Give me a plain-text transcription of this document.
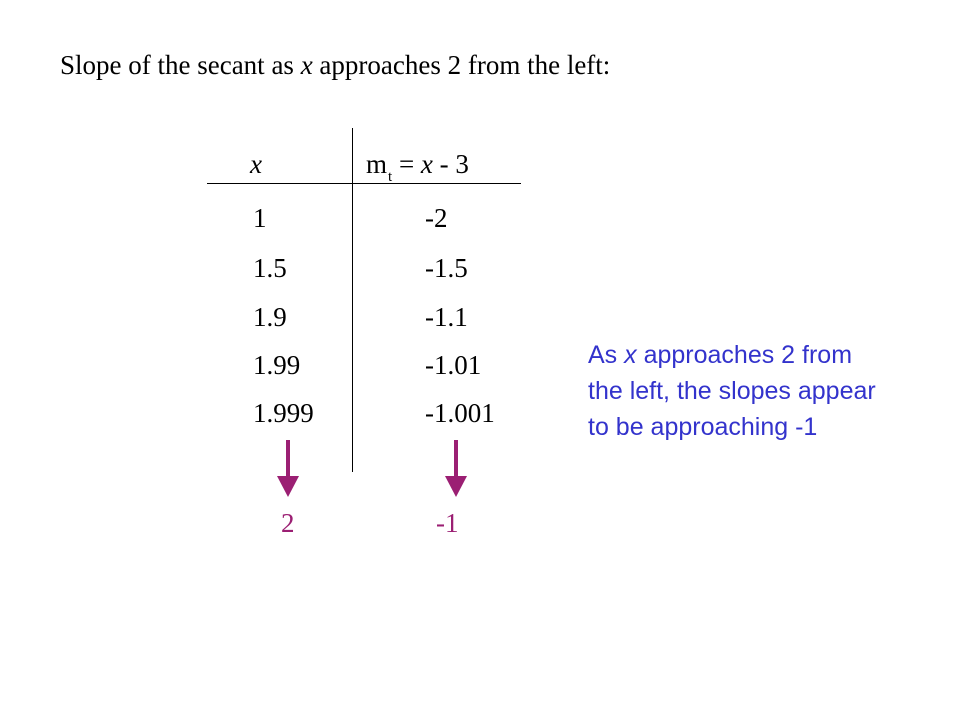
Slope of the secant as x approaches 2 from the left:
x	$m_t = x - 3$
1	-2
1.5	-1.5
1.9	-1.1
1.99	-1.01
1.999	-1.001
2	-1
As x approaches 2 from the left, the slopes appear to be approaching -1
